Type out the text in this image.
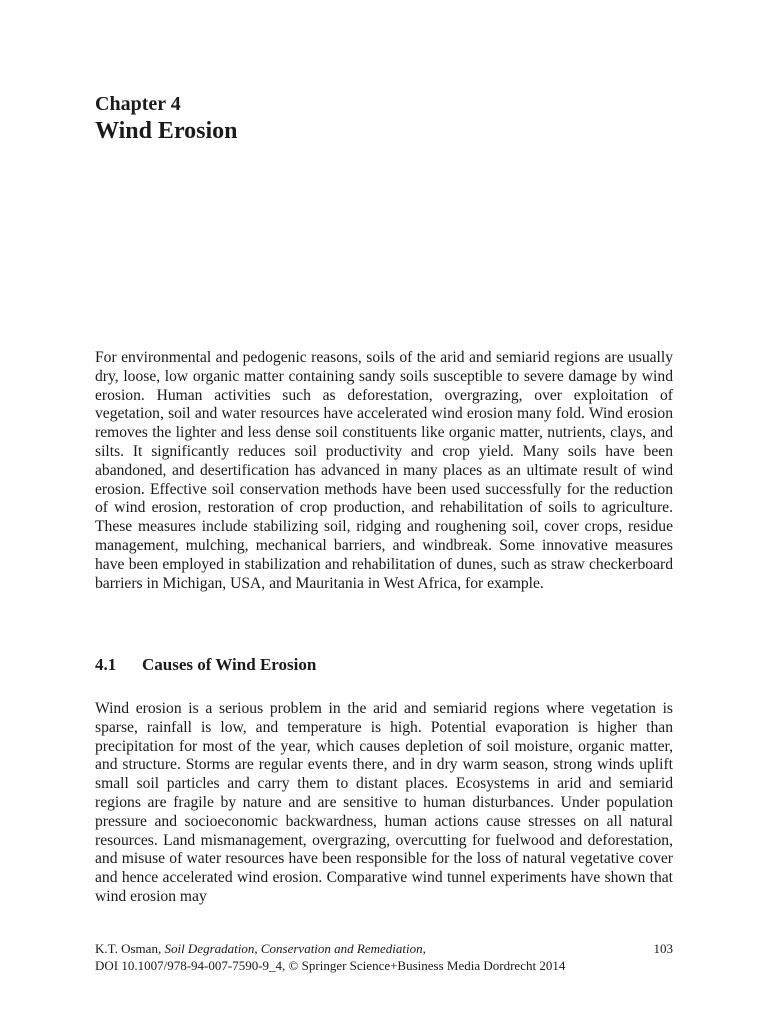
Chapter 4
Wind Erosion

For environmental and pedogenic reasons, soils of the arid and semiarid regions are usually dry, loose, low organic matter containing sandy soils susceptible to severe damage by wind erosion. Human activities such as deforestation, overgrazing, over exploitation of vegetation, soil and water resources have accelerated wind erosion many fold. Wind erosion removes the lighter and less dense soil constituents like organic matter, nutrients, clays, and silts. It significantly reduces soil productivity and crop yield. Many soils have been abandoned, and desertification has advanced in many places as an ultimate result of wind erosion. Effective soil conservation methods have been used successfully for the reduction of wind erosion, restoration of crop production, and rehabilitation of soils to agriculture. These measures include stabilizing soil, ridging and roughening soil, cover crops, residue management, mulching, mechanical barriers, and windbreak. Some innovative measures have been employed in stabilization and rehabilitation of dunes, such as straw checkerboard barriers in Michigan, USA, and Mauritania in West Africa, for example.

4.1 Causes of Wind Erosion

Wind erosion is a serious problem in the arid and semiarid regions where vegetation is sparse, rainfall is low, and temperature is high. Potential evaporation is higher than precipitation for most of the year, which causes depletion of soil moisture, organic matter, and structure. Storms are regular events there, and in dry warm season, strong winds uplift small soil particles and carry them to distant places. Ecosystems in arid and semiarid regions are fragile by nature and are sensitive to human disturbances. Under population pressure and socioeconomic backwardness, human actions cause stresses on all natural resources. Land mismanagement, overgrazing, overcutting for fuelwood and deforestation, and misuse of water resources have been responsible for the loss of natural vegetative cover and hence accelerated wind erosion. Comparative wind tunnel experiments have shown that wind erosion may

K.T. Osman, Soil Degradation, Conservation and Remediation,	103
DOI 10.1007/978-94-007-7590-9_4, © Springer Science+Business Media Dordrecht 2014
